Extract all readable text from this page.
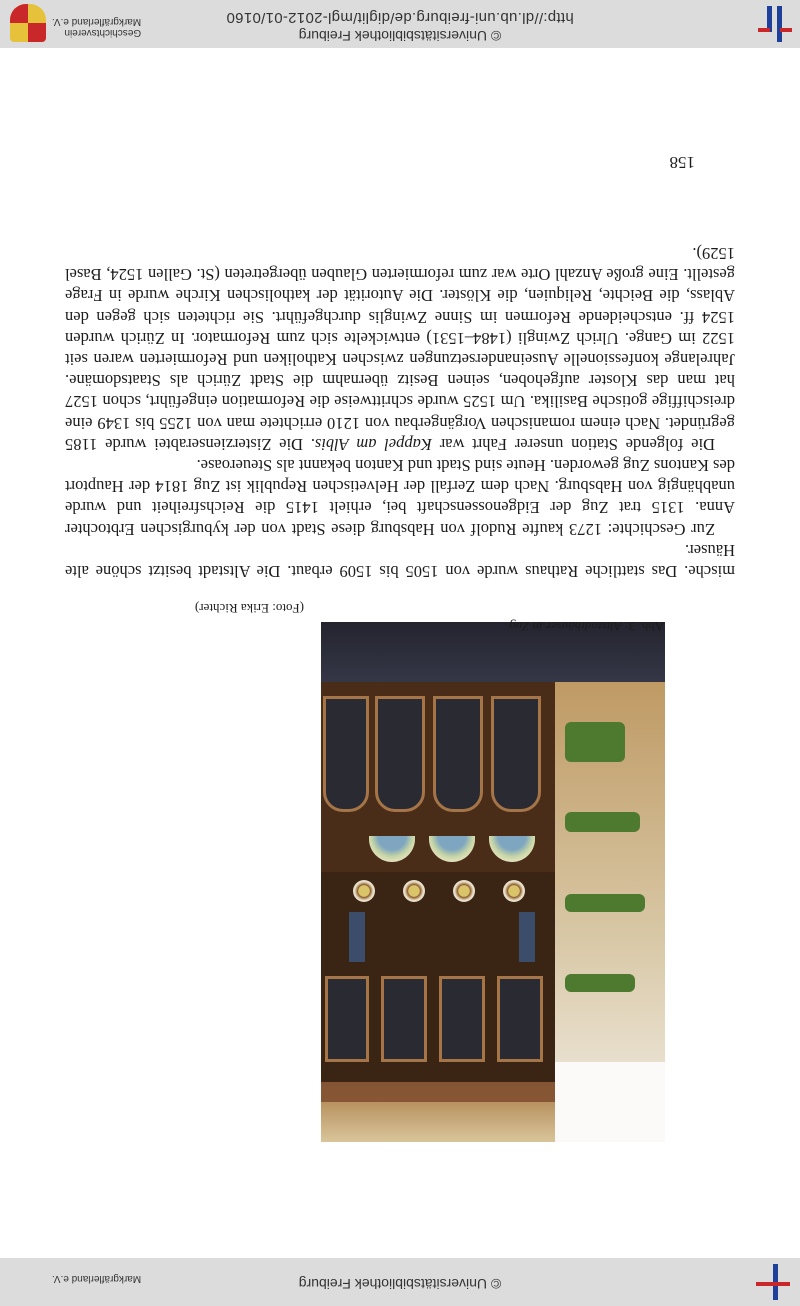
© Universitätsbibliothek Freiburg
Markgräflerland e.V.
Abb. 3: Altstadthäuser in Zug
(Foto: Erika Richter)

mische. Das stattliche Rathaus wurde von 1505 bis 1509 erbaut. Die Altstadt besitzt schöne alte Häuser.

Zur Geschichte: 1273 kaufte Rudolf von Habsburg diese Stadt von der kyburgischen Erbtochter Anna. 1315 trat Zug der Eidgenossenschaft bei, erhielt 1415 die Reichsfreiheit und wurde unabhängig von Habsburg. Nach dem Zerfall der Helvetischen Republik ist Zug 1814 der Hauptort des Kantons Zug geworden. Heute sind Stadt und Kanton bekannt als Steueroase.

Die folgende Station unserer Fahrt war Kappel am Albis. Die Zisterzienserabtei wurde 1185 gegründet. Nach einem romanischen Vorgängerbau von 1210 errichtete man von 1255 bis 1349 eine dreischiffige gotische Basilika. Um 1525 wurde schrittweise die Reformation eingeführt, schon 1527 hat man das Kloster aufgehoben, seinen Besitz übernahm die Stadt Zürich als Staatsdomäne. Jahrelange konfessionelle Auseinandersetzungen zwischen Katholiken und Reformierten waren seit 1522 im Gange. Ulrich Zwingli (1484–1531) entwickelte sich zum Reformator. In Zürich wurden 1524 ff. entscheidende Reformen im Sinne Zwinglis durchgeführt. Sie richteten sich gegen den Ablass, die Beichte, Reliquien, die Klöster. Die Autorität der katholischen Kirche wurde in Frage gestellt. Eine große Anzahl Orte war zum reformierten Glauben übergetreten (St. Gallen 1524, Basel 1529).

158
© Universitätsbibliothek Freiburg
http://dl.ub.uni-freiburg.de/diglit/mgl-2012-01/0160
Geschichtsverein
Markgräflerland e.V.
